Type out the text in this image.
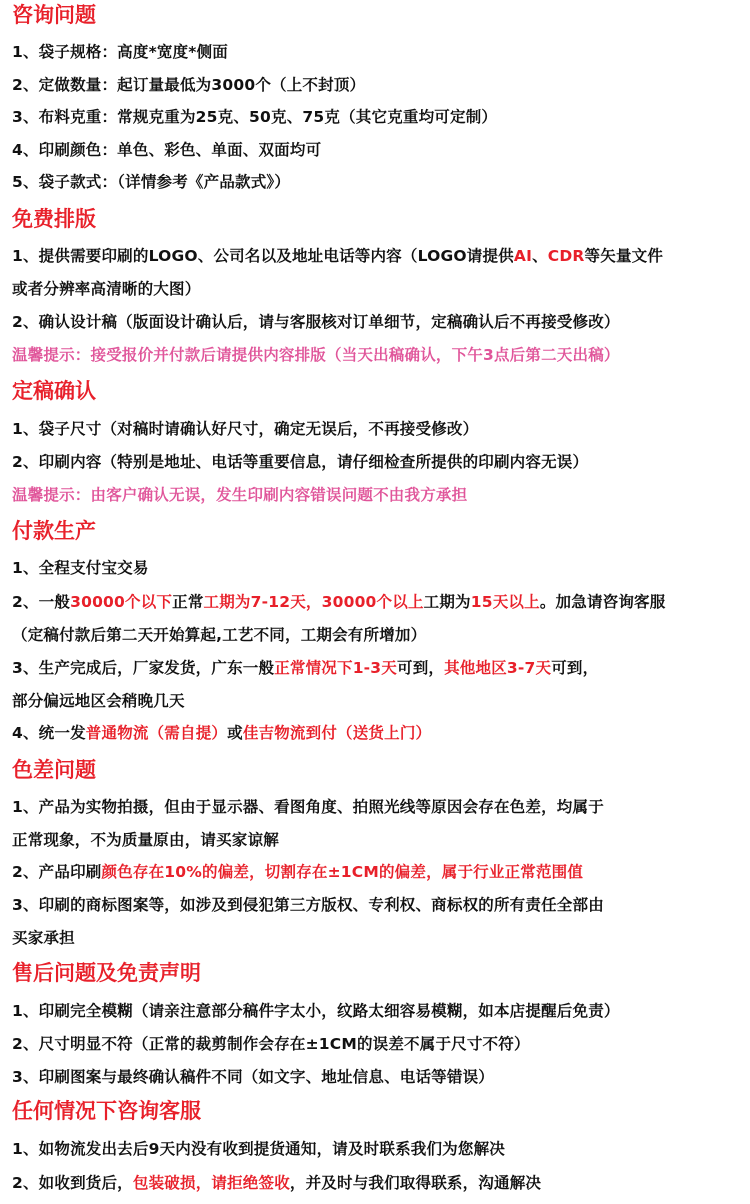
咨询问题

1、袋子规格：高度*宽度*侧面

2、定做数量：起订量最低为3000个（上不封顶）

3、布料克重：常规克重为25克、50克、75克（其它克重均可定制）

4、印刷颜色：单色、彩色、单面、双面均可

5、袋子款式：（详情参考《产品款式》）

免费排版

1、提供需要印刷的LOGO、公司名以及地址电话等内容（LOGO请提供AI、CDR等矢量文件

或者分辨率高清晰的大图）

2、确认设计稿（版面设计确认后，请与客服核对订单细节，定稿确认后不再接受修改）

温馨提示：接受报价并付款后请提供内容排版（当天出稿确认，下午3点后第二天出稿）

定稿确认

1、袋子尺寸（对稿时请确认好尺寸，确定无误后，不再接受修改）

2、印刷内容（特别是地址、电话等重要信息，请仔细检查所提供的印刷内容无误）

温馨提示：由客户确认无误，发生印刷内容错误问题不由我方承担

付款生产

1、全程支付宝交易

2、一般30000个以下正常工期为7-12天，30000个以上工期为15天以上。加急请咨询客服

（定稿付款后第二天开始算起,工艺不同，工期会有所增加）

3、生产完成后，厂家发货，广东一般正常情况下1-3天可到，其他地区3-7天可到，

部分偏远地区会稍晚几天

4、统一发普通物流（需自提）或佳吉物流到付（送货上门）

色差问题

1、产品为实物拍摄，但由于显示器、看图角度、拍照光线等原因会存在色差，均属于

正常现象，不为质量原由，请买家谅解

2、产品印刷颜色存在10%的偏差，切割存在±1CM的偏差，属于行业正常范围值

3、印刷的商标图案等，如涉及到侵犯第三方版权、专利权、商标权的所有责任全部由

买家承担

售后问题及免责声明

1、印刷完全模糊（请亲注意部分稿件字太小，纹路太细容易模糊，如本店提醒后免责）

2、尺寸明显不符（正常的裁剪制作会存在±1CM的误差不属于尺寸不符）

3、印刷图案与最终确认稿件不同（如文字、地址信息、电话等错误）

任何情况下咨询客服

1、如物流发出去后9天内没有收到提货通知，请及时联系我们为您解决

2、如收到货后，包装破损，请拒绝签收，并及时与我们取得联系，沟通解决
